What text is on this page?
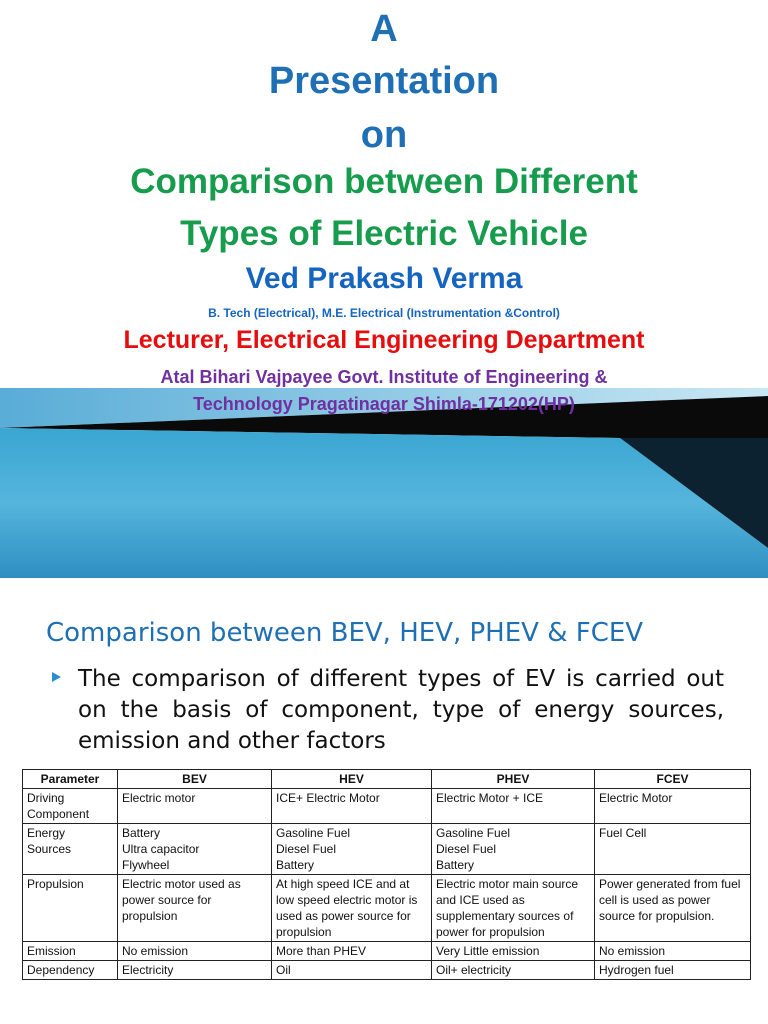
A

Presentation

on

Comparison between Different

Types of Electric Vehicle

Ved Prakash Verma

B. Tech (Electrical), M.E. Electrical (Instrumentation &Control)

Lecturer, Electrical Engineering Department

Atal Bihari Vajpayee Govt. Institute of Engineering &

Technology Pragatinagar Shimla-171202(HP)

Comparison between BEV, HEV, PHEV & FCEV

The comparison of different types of EV is carried out on the basis of component, type of energy sources, emission and other factors

Parameter	BEV	HEV	PHEV	FCEV

Driving
Component	Electric motor	ICE+ Electric Motor	Electric Motor + ICE	Electric Motor

Energy
Sources	Battery
Ultra capacitor
Flywheel	Gasoline Fuel
Diesel Fuel
Battery	Gasoline Fuel
Diesel Fuel
Battery	Fuel Cell

Propulsion	Electric motor used as
power source for
propulsion	At high speed ICE and at
low speed electric motor is
used as power source for
propulsion	Electric motor main source
and ICE used as
supplementary sources of
power for propulsion	Power generated from fuel
cell is used as power
source for propulsion.

Emission	No emission	More than PHEV	Very Little emission	No emission

Dependency	Electricity	Oil	Oil+ electricity	Hydrogen fuel
